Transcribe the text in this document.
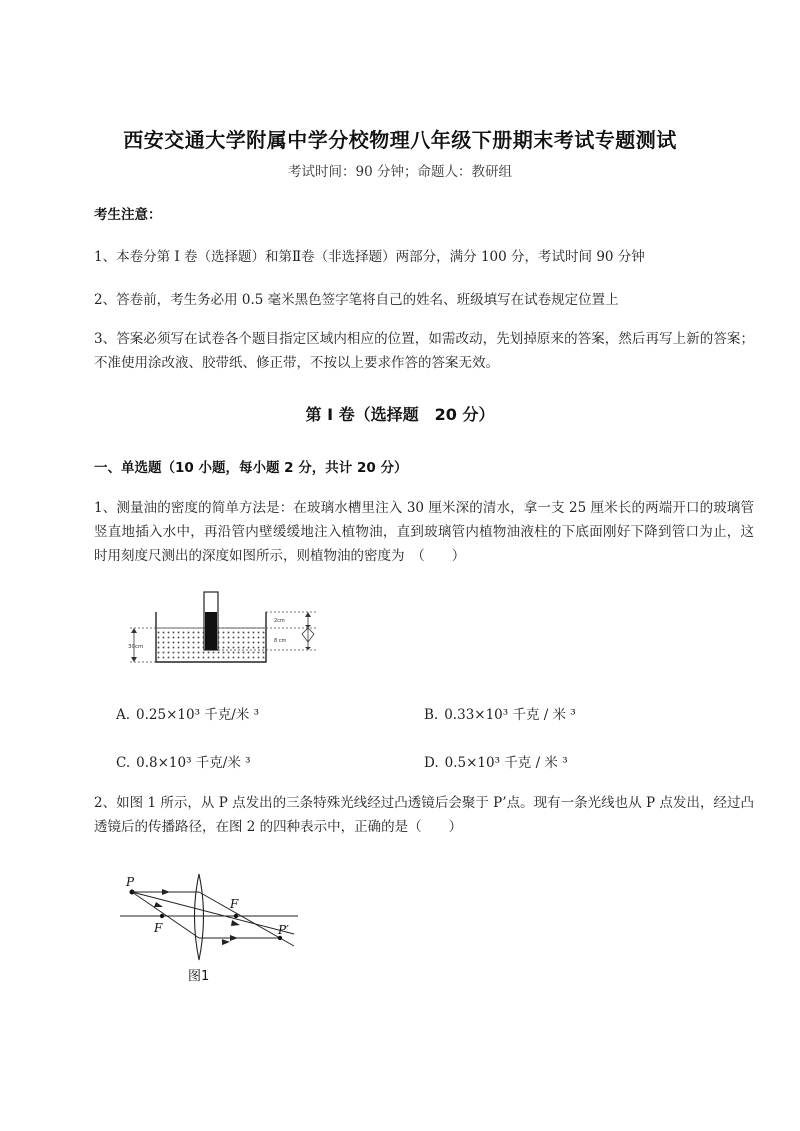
西安交通大学附属中学分校物理八年级下册期末考试专题测试
考试时间：90 分钟；命题人：教研组
考生注意：
1、本卷分第 I 卷（选择题）和第Ⅱ卷（非选择题）两部分，满分 100 分，考试时间 90 分钟
2、答卷前，考生务必用 0.5 毫米黑色签字笔将自己的姓名、班级填写在试卷规定位置上
3、答案必须写在试卷各个题目指定区域内相应的位置，如需改动，先划掉原来的答案，然后再写上新的答案；不准使用涂改液、胶带纸、修正带，不按以上要求作答的答案无效。
第 I 卷（选择题　20 分）
一、单选题（10 小题，每小题 2 分，共计 20 分）
1、测量油的密度的简单方法是：在玻璃水槽里注入 30 厘米深的清水，拿一支 25 厘米长的两端开口的玻璃管竖直地插入水中，再沿管内壁缓缓地注入植物油，直到玻璃管内植物油液柱的下底面刚好下降到管口为止，这时用刻度尺测出的深度如图所示，则植物油的密度为　（　　）
30cm
2cm
8 cm
A. 0.25×10³ 千克/米 ³	B. 0.33×10³ 千克 / 米 ³
C. 0.8×10³ 千克/米 ³	D. 0.5×10³ 千克 / 米 ³
2、如图 1 所示，从 P 点发出的三条特殊光线经过凸透镜后会聚于 P’点。现有一条光线也从 P 点发出，经过凸透镜后的传播路径，在图 2 的四种表示中，正确的是（　　）
P
F
F
P′
图1
